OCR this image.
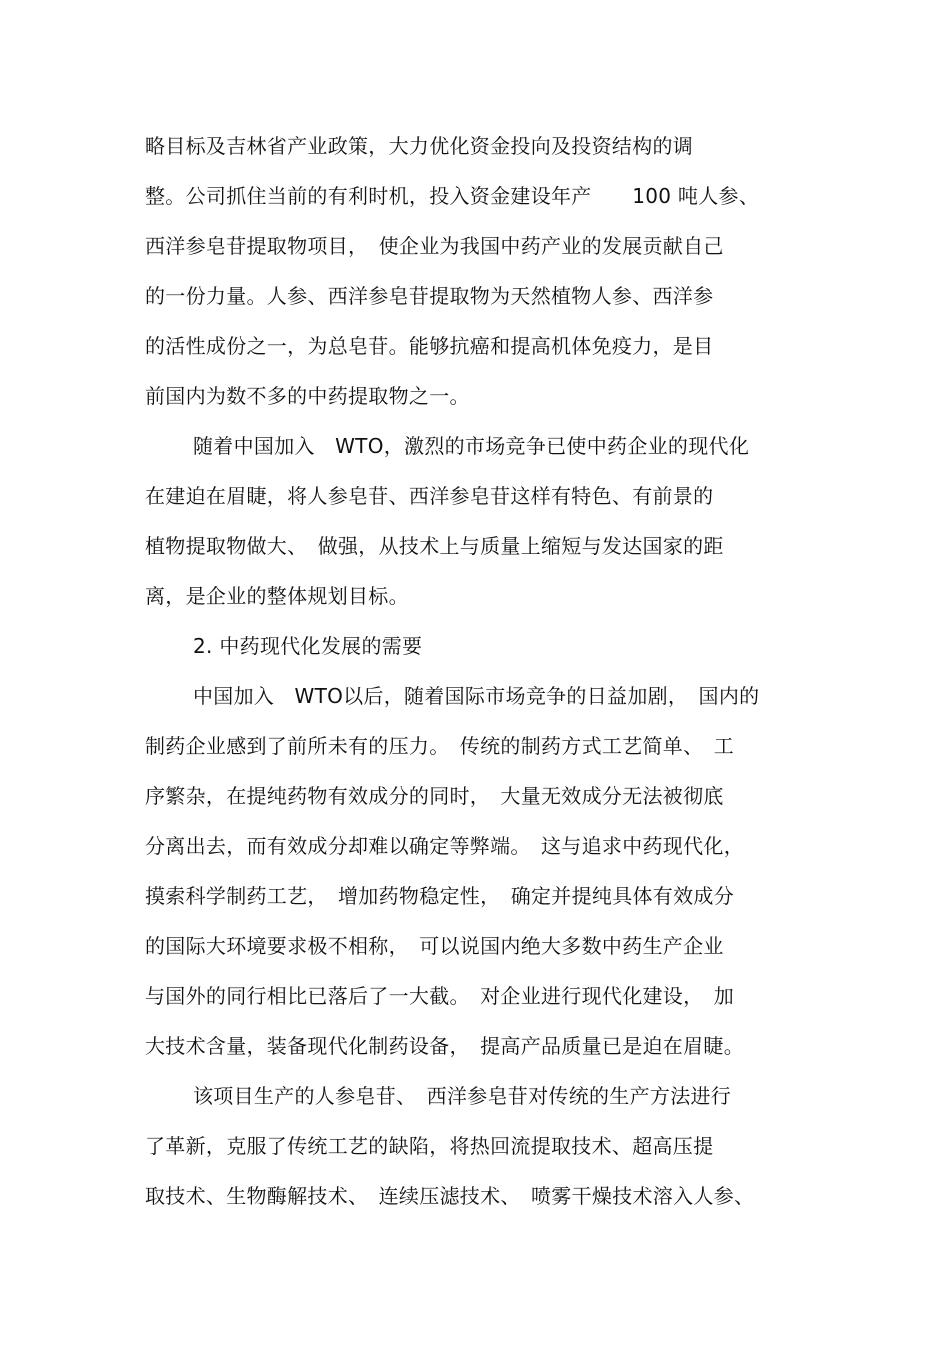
略目标及吉林省产业政策，大力优化资金投向及投资结构的调
整。公司抓住当前的有利时机，投入资金建设年产　　100 吨人参、
西洋参皂苷提取物项目，　使企业为我国中药产业的发展贡献自己
的一份力量。人参、西洋参皂苷提取物为天然植物人参、西洋参
的活性成份之一，为总皂苷。能够抗癌和提高机体免疫力，是目
前国内为数不多的中药提取物之一。
随着中国加入　WTO，激烈的市场竞争已使中药企业的现代化
在建迫在眉睫，将人参皂苷、西洋参皂苷这样有特色、有前景的
植物提取物做大、　做强，从技术上与质量上缩短与发达国家的距
离，是企业的整体规划目标。
2. 中药现代化发展的需要
中国加入　WTO以后，随着国际市场竞争的日益加剧，　国内的
制药企业感到了前所未有的压力。　传统的制药方式工艺简单、　工
序繁杂，在提纯药物有效成分的同时，　大量无效成分无法被彻底
分离出去，而有效成分却难以确定等弊端。　这与追求中药现代化，
摸索科学制药工艺，　增加药物稳定性，　确定并提纯具体有效成分
的国际大环境要求极不相称，　可以说国内绝大多数中药生产企业
与国外的同行相比已落后了一大截。　对企业进行现代化建设，　加
大技术含量，装备现代化制药设备，　提高产品质量已是迫在眉睫。
该项目生产的人参皂苷、　西洋参皂苷对传统的生产方法进行
了革新，克服了传统工艺的缺陷，将热回流提取技术、超高压提
取技术、生物酶解技术、　连续压滤技术、　喷雾干燥技术溶入人参、
